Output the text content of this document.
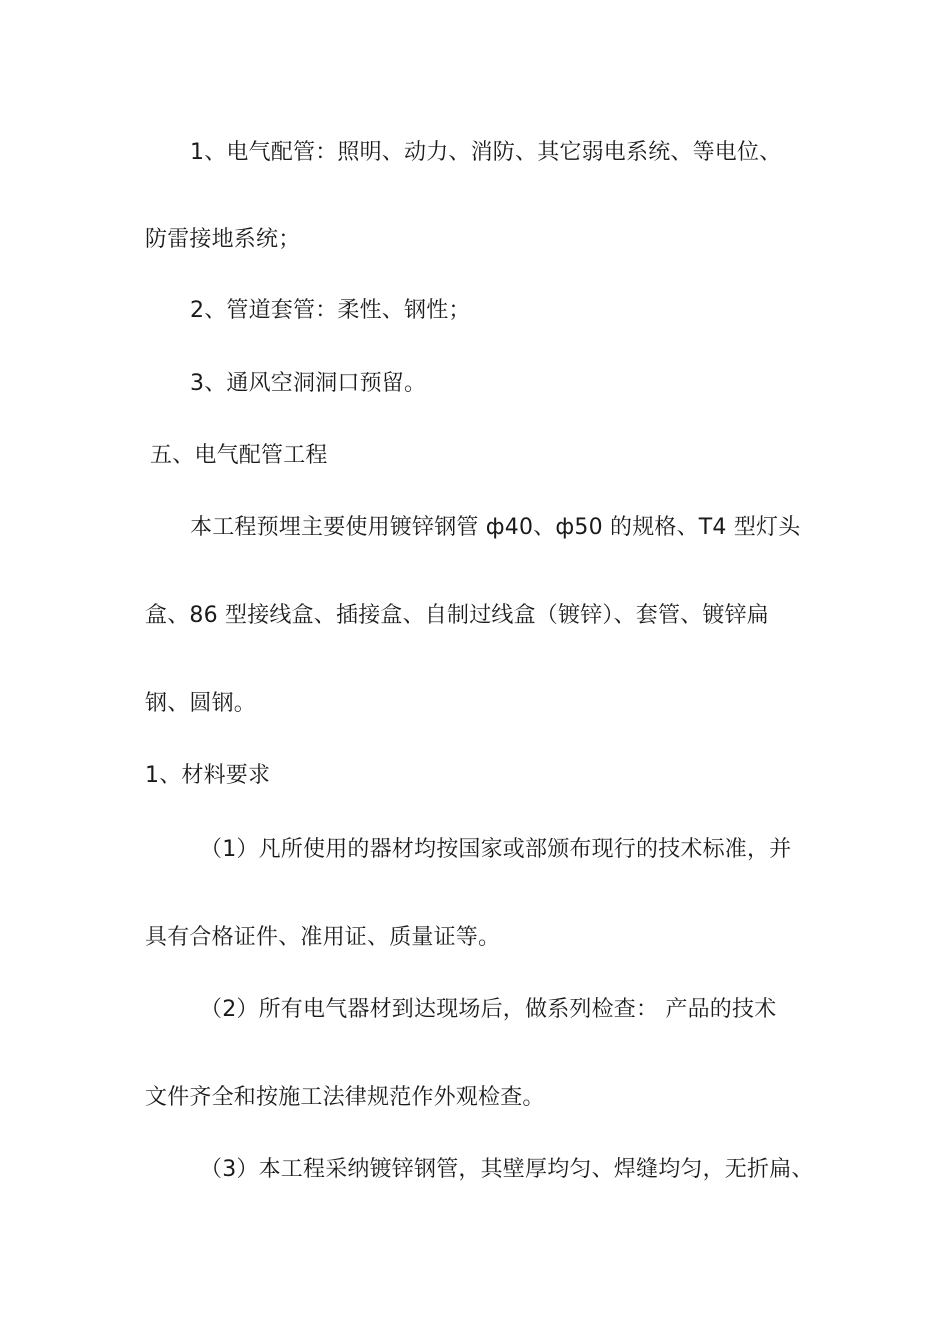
1、电气配管：照明、动力、消防、其它弱电系统、等电位、
防雷接地系统；
2、管道套管：柔性、钢性；
3、通风空洞洞口预留。
五、电气配管工程
本工程预埋主要使用镀锌钢管 ф40、ф50 的规格、T4 型灯头
盒、86 型接线盒、插接盒、自制过线盒（镀锌）、套管、镀锌扁
钢、圆钢。
1、材料要求
（1）凡所使用的器材均按国家或部颁布现行的技术标准，并
具有合格证件、准用证、质量证等。
（2）所有电气器材到达现场后，做系列检查： 产品的技术
文件齐全和按施工法律规范作外观检查。
（3）本工程采纳镀锌钢管，其壁厚均匀、焊缝均匀，无折扁、
